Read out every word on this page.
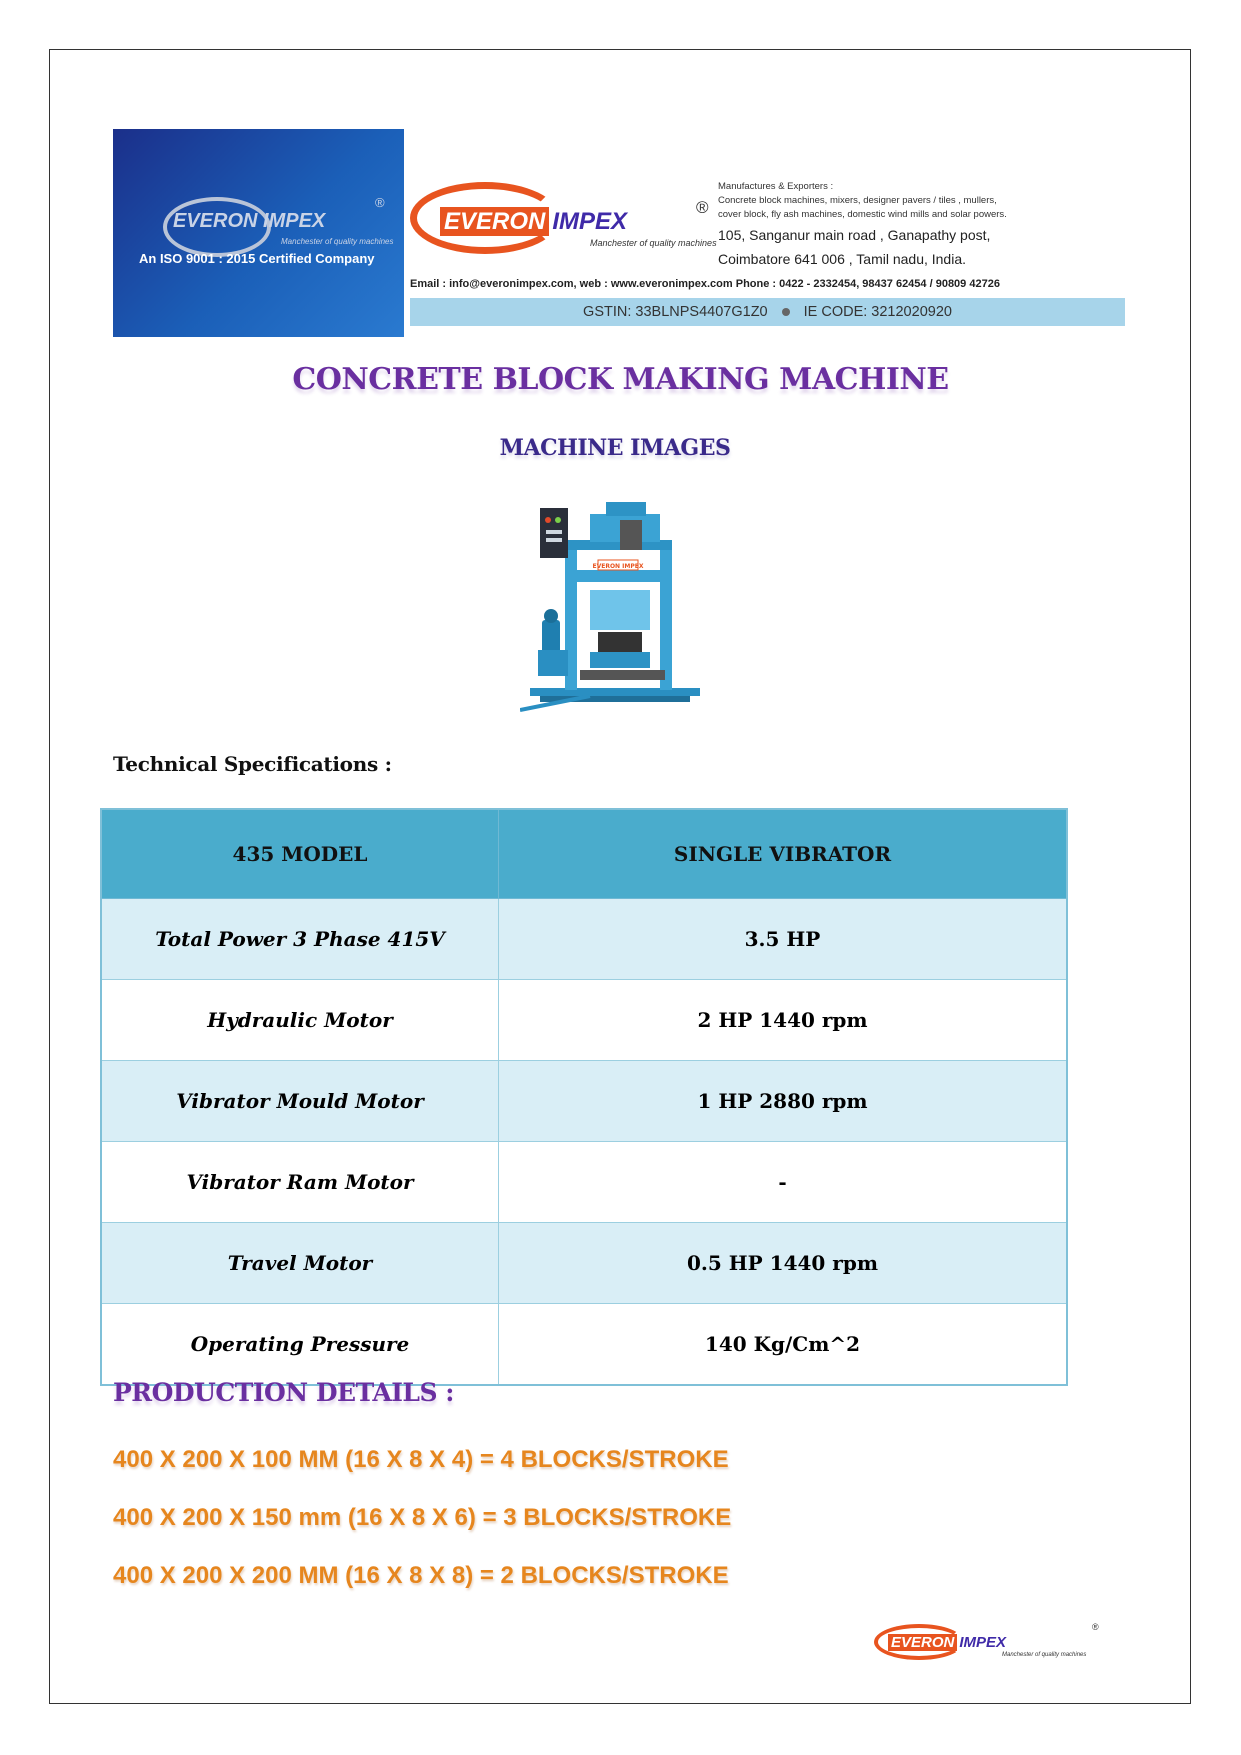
EVERON IMPEX
Manchester of quality machines
®
An ISO 9001 : 2015 Certified Company
EVERON IMPEX
Manchester of quality machines
®
Manufactures & Exporters :
Concrete block machines, mixers, designer pavers / tiles , mullers,
cover block, fly ash machines, domestic wind mills and solar powers.
105, Sanganur main road , Ganapathy post,
Coimbatore 641 006 , Tamil nadu, India.
Email : info@everonimpex.com, web : www.everonimpex.com Phone : 0422 - 2332454, 98437 62454 / 90809 42726
GSTIN: 33BLNPS4407G1Z0 IE CODE: 3212020920
CONCRETE BLOCK MAKING MACHINE
MACHINE IMAGES
EVERON IMPEX
Technical Specifications :
435 MODEL	SINGLE VIBRATOR
Total Power 3 Phase 415V	3.5 HP
Hydraulic Motor	2 HP 1440 rpm
Vibrator Mould Motor	1 HP 2880 rpm
Vibrator Ram Motor	-
Travel Motor	0.5 HP 1440 rpm
Operating Pressure	140 Kg/Cm^2
PRODUCTION DETAILS :
400 X 200 X 100 MM (16 X 8 X 4) = 4 BLOCKS/STROKE
400 X 200 X 150 mm (16 X 8 X 6) = 3 BLOCKS/STROKE
400 X 200 X 200 MM (16 X 8 X 8) = 2 BLOCKS/STROKE
EVERON IMPEX
Manchester of quality machines
®
